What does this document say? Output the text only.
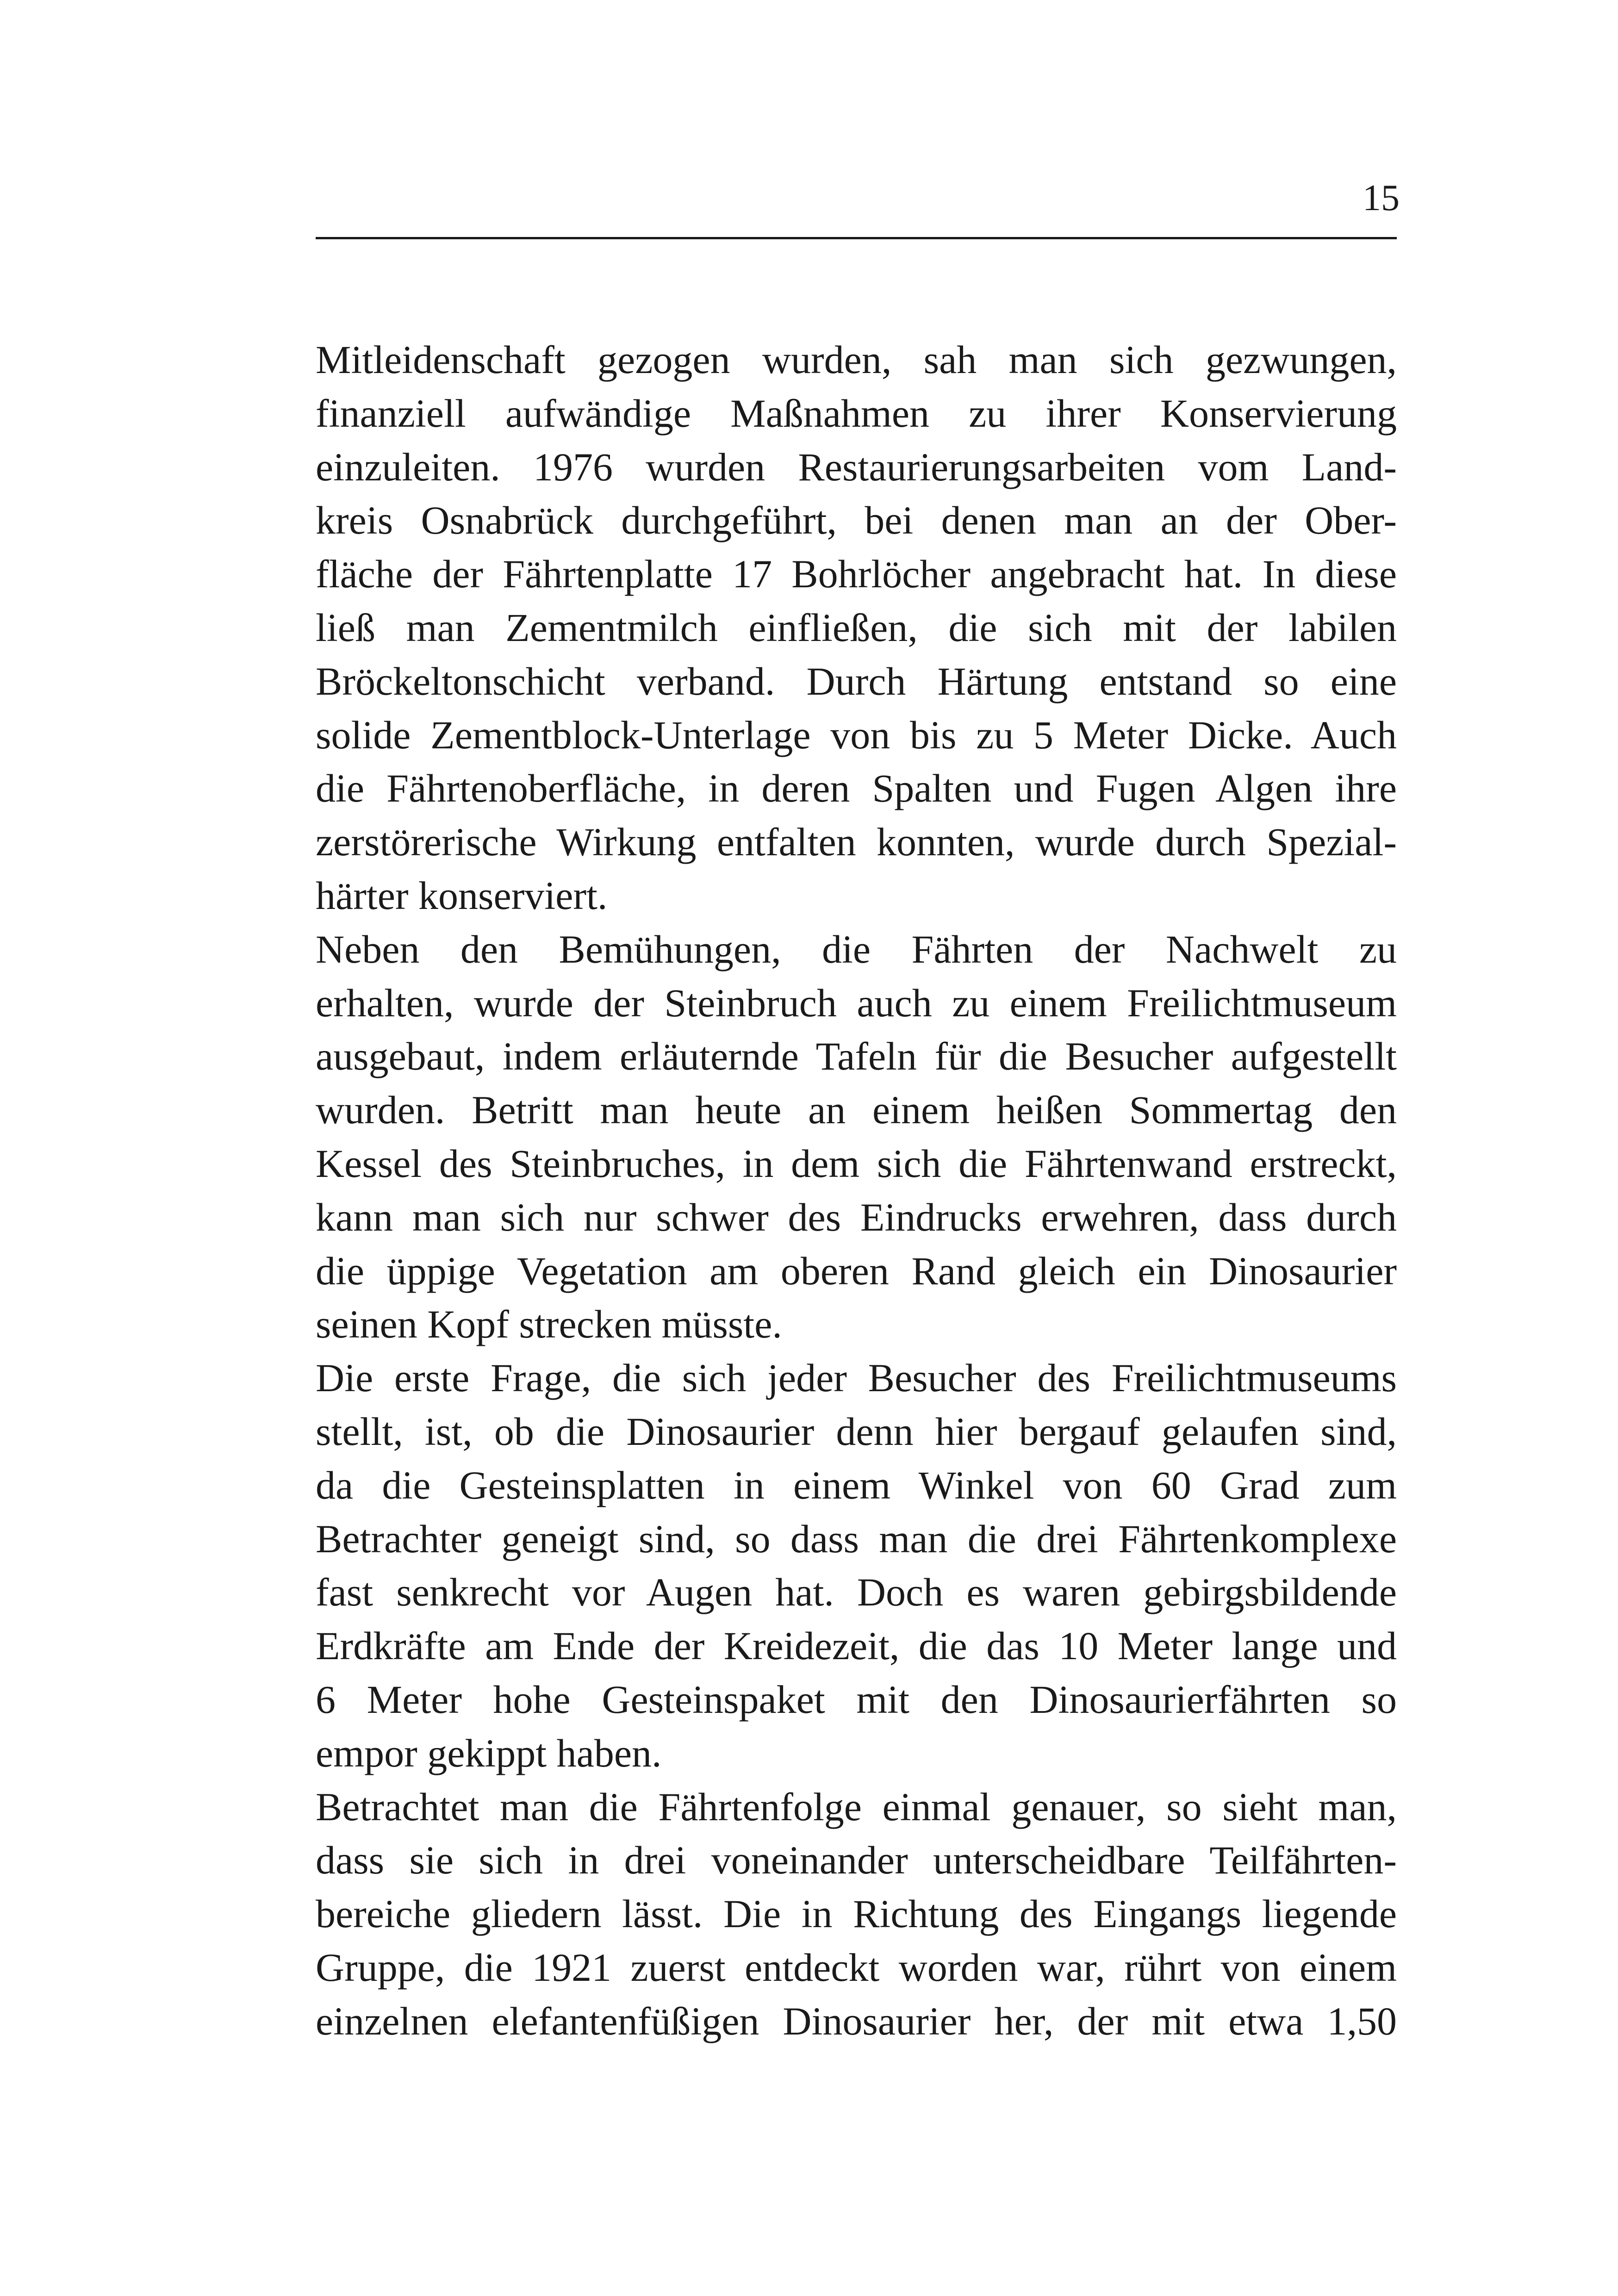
15
Mitleidenschaft gezogen wurden, sah man sich gezwungen,
finanziell aufwändige Maßnahmen zu ihrer Konservierung
einzuleiten. 1976 wurden Restaurierungsarbeiten vom Land-
kreis Osnabrück durchgeführt, bei denen man an der Ober-
fläche der Fährtenplatte 17 Bohrlöcher angebracht hat. In diese
ließ man Zementmilch einfließen, die sich mit der labilen
Bröckeltonschicht verband. Durch Härtung entstand so eine
solide Zementblock-Unterlage von bis zu 5 Meter Dicke. Auch
die Fährtenoberfläche, in deren Spalten und Fugen Algen ihre
zerstörerische Wirkung entfalten konnten, wurde durch Spezial-
härter konserviert.
Neben den Bemühungen, die Fährten der Nachwelt zu
erhalten, wurde der Steinbruch auch zu einem Freilichtmuseum
ausgebaut, indem erläuternde Tafeln für die Besucher aufgestellt
wurden. Betritt man heute an einem heißen Sommertag den
Kessel des Steinbruches, in dem sich die Fährtenwand erstreckt,
kann man sich nur schwer des Eindrucks erwehren, dass durch
die üppige Vegetation am oberen Rand gleich ein Dinosaurier
seinen Kopf strecken müsste.
Die erste Frage, die sich jeder Besucher des Freilichtmuseums
stellt, ist, ob die Dinosaurier denn hier bergauf gelaufen sind,
da die Gesteinsplatten in einem Winkel von 60 Grad zum
Betrachter geneigt sind, so dass man die drei Fährtenkomplexe
fast senkrecht vor Augen hat. Doch es waren gebirgsbildende
Erdkräfte am Ende der Kreidezeit, die das 10 Meter lange und
6 Meter hohe Gesteinspaket mit den Dinosaurierfährten so
empor gekippt haben.
Betrachtet man die Fährtenfolge einmal genauer, so sieht man,
dass sie sich in drei voneinander unterscheidbare Teilfährten-
bereiche gliedern lässt. Die in Richtung des Eingangs liegende
Gruppe, die 1921 zuerst entdeckt worden war, rührt von einem
einzelnen elefantenfüßigen Dinosaurier her, der mit etwa 1,50
